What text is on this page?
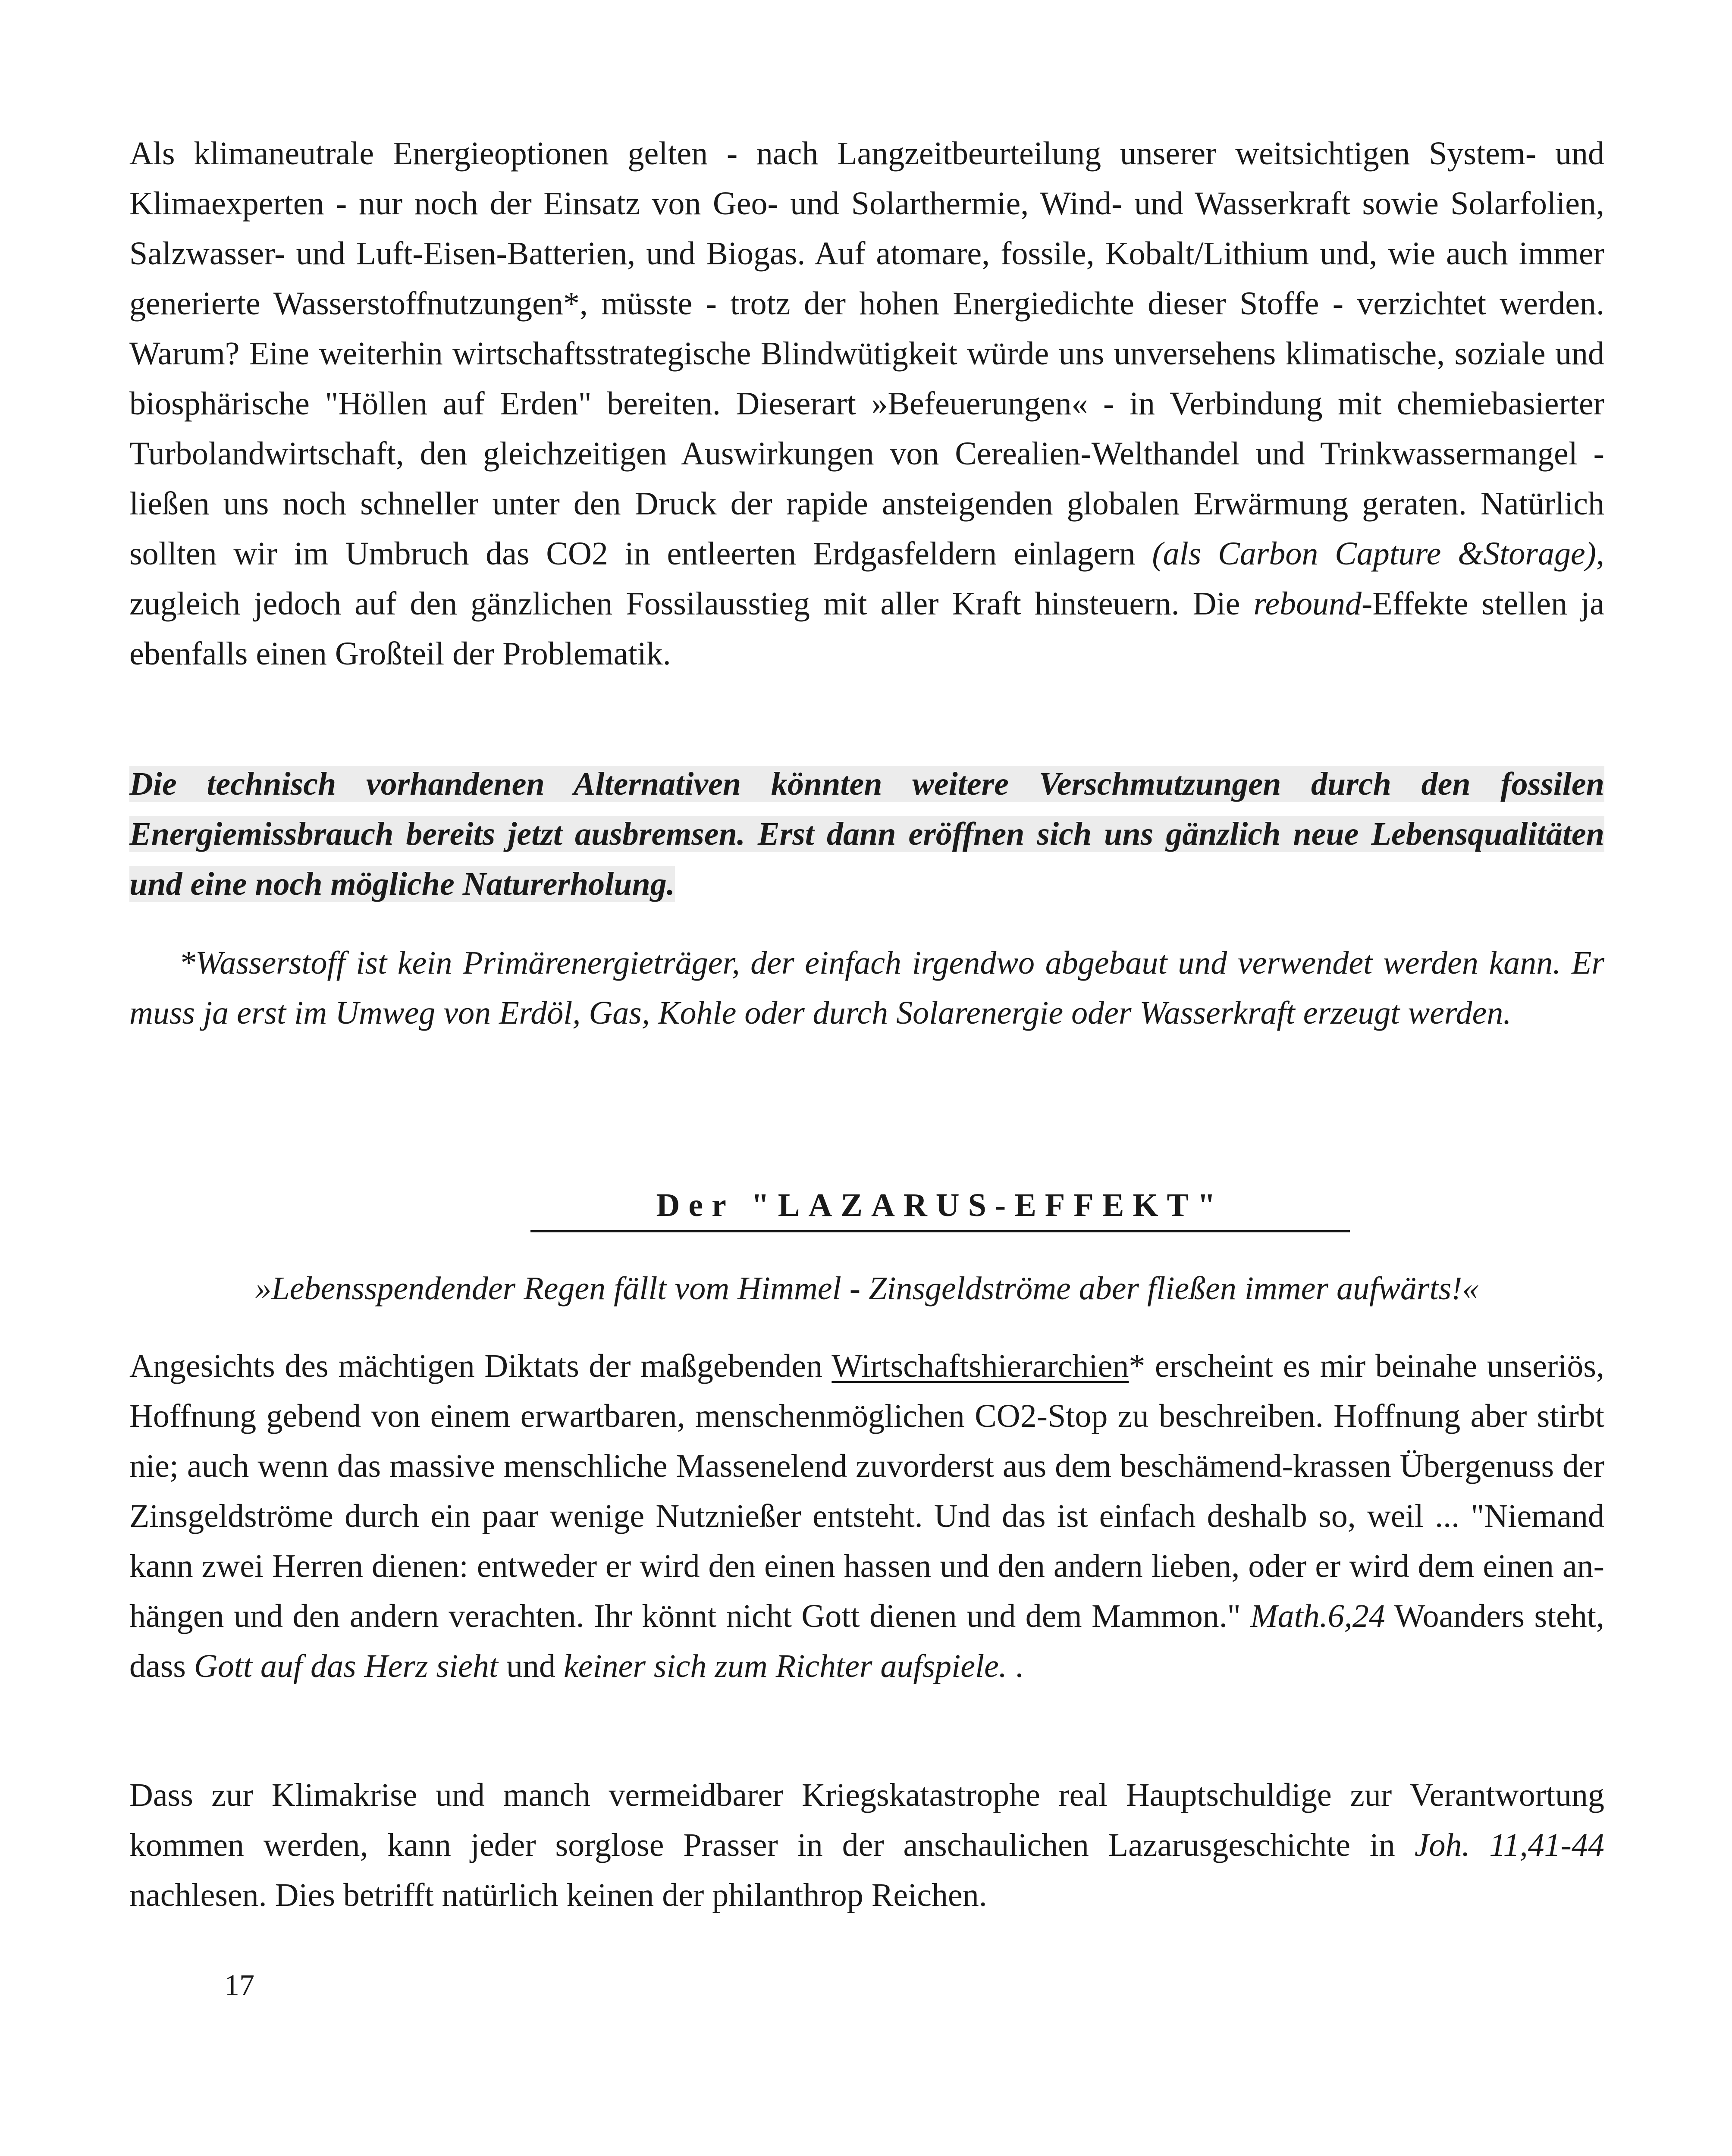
Als klimaneutrale Energieoptionen gelten - nach Langzeitbeurteilung unserer weitsichtigen System- und Klimaexperten - nur noch der Einsatz von Geo- und Solarthermie, Wind- und Wasserkraft sowie Solarfolien, Salzwasser- und Luft-Eisen-Batterien, und Biogas. Auf atomare, fossile, Kobalt/Lithium und, wie auch immer generierte Wasserstoffnutzungen*, müsste - trotz der hohen Energiedichte dieser Stoffe - verzichtet werden. Warum? Eine weiterhin wirtschaftsstrategische Blindwütigkeit würde uns unversehens klimatische, soziale und biosphärische "Höllen auf Erden" bereiten. Dieserart »Befeuerungen« - in Verbindung mit chemiebasierter Turbolandwirtschaft, den gleichzeitigen Auswirkungen von Cerealien-Welthandel und Trinkwassermangel - ließen uns noch schneller unter den Druck der rapide ansteigenden globalen Erwärmung geraten. Natürlich sollten wir im Umbruch das CO2 in entleerten Erdgasfeldern einlagern (als Carbon Capture &Storage), zugleich jedoch auf den gänzlichen Fossilausstieg mit aller Kraft hinsteuern. Die rebound-Effekte stellen ja ebenfalls einen Großteil der Problematik.

Die technisch vorhandenen Alternativen könnten weitere Verschmutzungen durch den fossilen Energiemissbrauch bereits jetzt ausbremsen. Erst dann eröffnen sich uns gänzlich neue Lebensqualitäten und eine noch mögliche Naturerholung.

*Wasserstoff ist kein Primärenergieträger, der einfach irgendwo abgebaut und verwendet werden kann. Er muss ja erst im Umweg von Erdöl, Gas, Kohle oder durch Solarenergie oder Wasserkraft erzeugt werden.

Der "LAZARUS-EFFEKT"
»Lebensspendender Regen fällt vom Himmel - Zinsgeldströme aber fließen immer aufwärts!«

Angesichts des mächtigen Diktats der maßgebenden Wirtschaftshierarchien* erscheint es mir beinahe unseriös, Hoffnung gebend von einem erwartbaren, menschenmöglichen CO2-Stop zu beschreiben. Hoffnung aber stirbt nie; auch wenn das massive menschliche Massenelend zuvorderst aus dem beschämend-krassen Übergenuss der Zinsgeldströme durch ein paar wenige Nutznießer entsteht. Und das ist einfach deshalb so, weil ... "Niemand kann zwei Herren dienen: entweder er wird den einen hassen und den andern lieben, oder er wird dem einen an-hängen und den andern verachten. Ihr könnt nicht Gott dienen und dem Mammon." Math.6,24 Woanders steht, dass Gott auf das Herz sieht und keiner sich zum Richter aufspiele. .

Dass zur Klimakrise und manch vermeidbarer Kriegskatastrophe real Hauptschuldige zur Verantwortung kommen werden, kann jeder sorglose Prasser in der anschaulichen Lazarusgeschichte in Joh. 11,41-44 nachlesen. Dies betrifft natürlich keinen der philanthrop Reichen.

17
